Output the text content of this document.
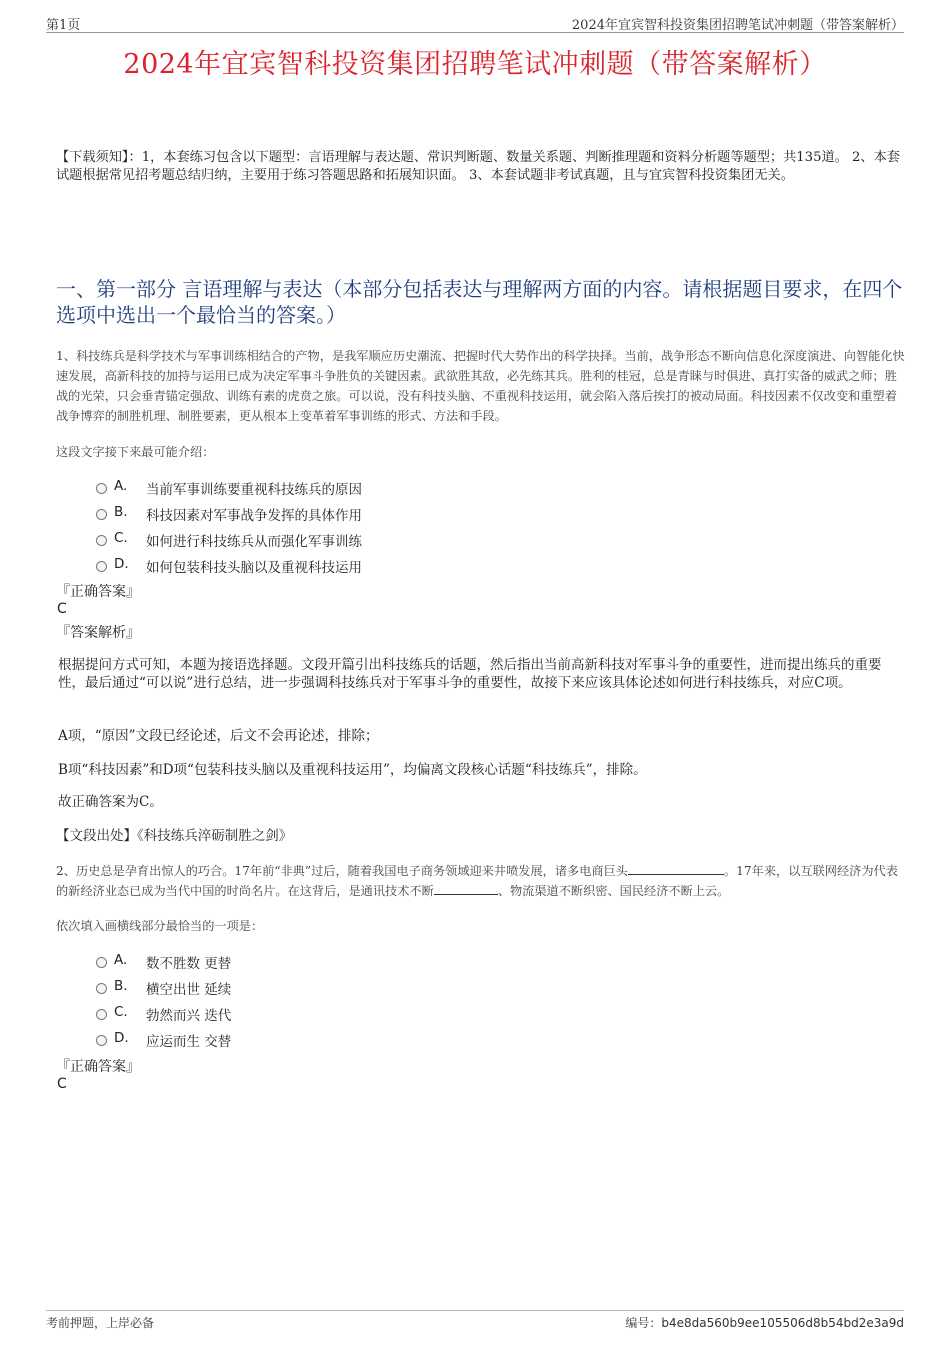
第1页	2024年宜宾智科投资集团招聘笔试冲刺题（带答案解析）
2024年宜宾智科投资集团招聘笔试冲刺题（带答案解析）
【下载须知】：1，本套练习包含以下题型：言语理解与表达题、常识判断题、数量关系题、判断推理题和资料分析题等题型；共135道。 2、本套试题根据常见招考题总结归纳，主要用于练习答题思路和拓展知识面。 3、本套试题非考试真题，且与宜宾智科投资集团无关。
一、第一部分 言语理解与表达（本部分包括表达与理解两方面的内容。请根据题目要求，在四个选项中选出一个最恰当的答案。）
1、科技练兵是科学技术与军事训练相结合的产物，是我军顺应历史潮流、把握时代大势作出的科学抉择。当前，战争形态不断向信息化深度演进、向智能化快速发展，高新科技的加持与运用已成为决定军事斗争胜负的关键因素。武欲胜其敌，必先练其兵。胜利的桂冠，总是青睐与时俱进、真打实备的威武之师；胜战的光荣，只会垂青锚定强敌、训练有素的虎贲之旅。可以说，没有科技头脑、不重视科技运用，就会陷入落后挨打的被动局面。科技因素不仅改变和重塑着战争博弈的制胜机理、制胜要素，更从根本上变革着军事训练的形式、方法和手段。
这段文字接下来最可能介绍：
A. 当前军事训练要重视科技练兵的原因
B. 科技因素对军事战争发挥的具体作用
C. 如何进行科技练兵从而强化军事训练
D. 如何包装科技头脑以及重视科技运用
『正确答案』
C
『答案解析』
根据提问方式可知，本题为接语选择题。文段开篇引出科技练兵的话题，然后指出当前高新科技对军事斗争的重要性，进而提出练兵的重要性，最后通过“可以说”进行总结，进一步强调科技练兵对于军事斗争的重要性，故接下来应该具体论述如何进行科技练兵，对应C项。
A项，“原因”文段已经论述，后文不会再论述，排除；
B项“科技因素”和D项“包装科技头脑以及重视科技运用”，均偏离文段核心话题“科技练兵”，排除。
故正确答案为C。
【文段出处】《科技练兵淬砺制胜之剑》
2、历史总是孕育出惊人的巧合。17年前“非典”过后，随着我国电子商务领域迎来井喷发展，诸多电商巨头	。17年来，以互联网经济为代表的新经济业态已成为当代中国的时尚名片。在这背后，是通讯技术不断	、物流渠道不断织密、国民经济不断上云。
依次填入画横线部分最恰当的一项是：
A. 数不胜数 更替
B. 横空出世 延续
C. 勃然而兴 迭代
D. 应运而生 交替
『正确答案』
C
考前押题，上岸必备	编号：b4e8da560b9ee105506d8b54bd2e3a9d
